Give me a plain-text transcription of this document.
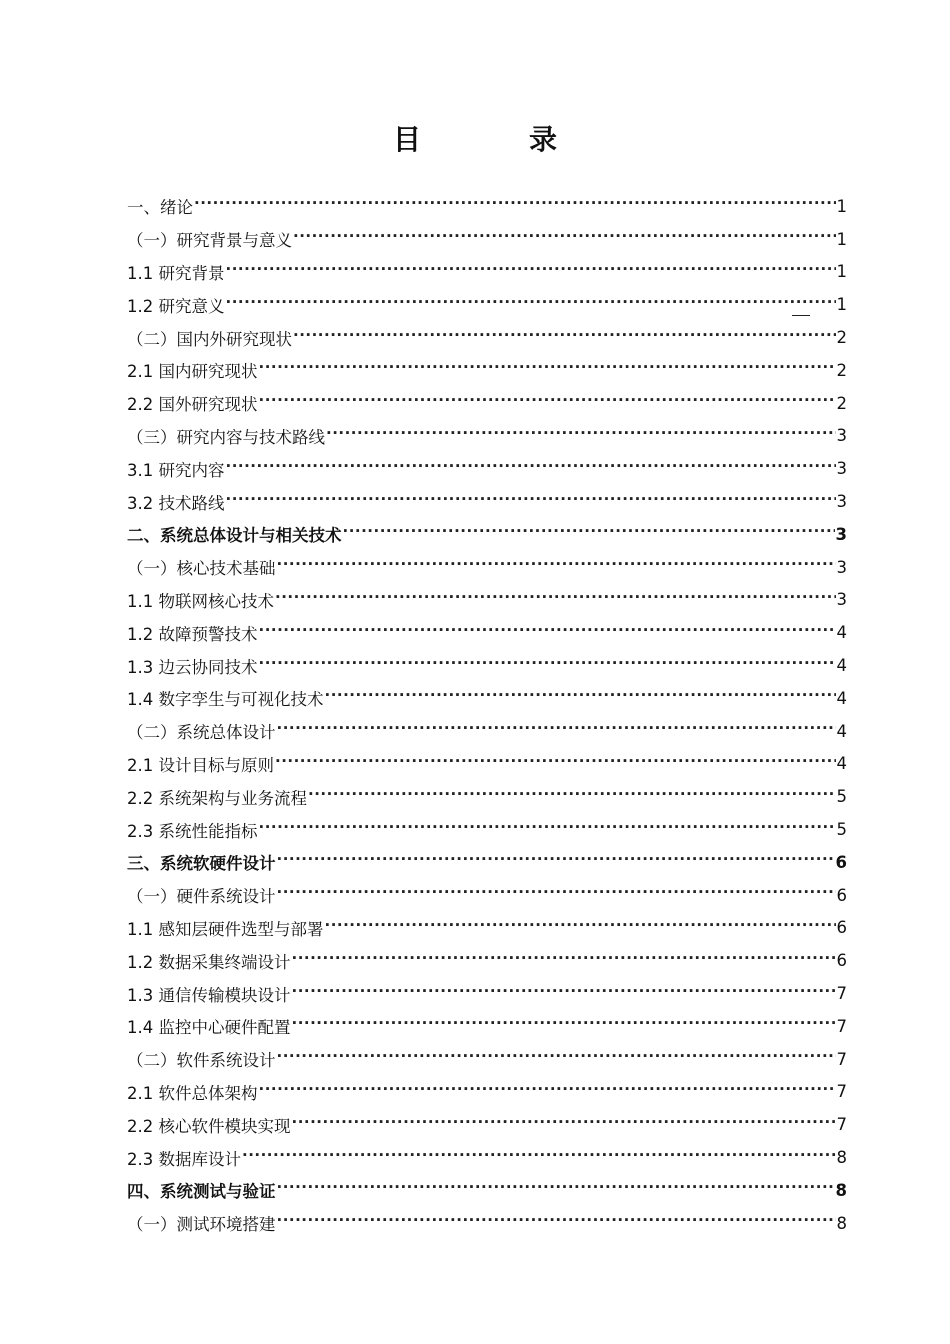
目　录
一、绪论 ·····	1
（一）研究背景与意义 ·····	1
1.1 研究背景 ·····	1
1.2 研究意义 ·····	1
（二）国内外研究现状 ·····	2
2.1 国内研究现状 ·····	2
2.2 国外研究现状 ·····	2
（三）研究内容与技术路线 ·····	3
3.1 研究内容 ·····	3
3.2 技术路线 ·····	3
二、系统总体设计与相关技术 ·····	3
（一）核心技术基础 ·····	3
1.1 物联网核心技术 ·····	3
1.2 故障预警技术 ·····	4
1.3 边云协同技术 ·····	4
1.4 数字孪生与可视化技术 ·····	4
（二）系统总体设计 ·····	4
2.1 设计目标与原则 ·····	4
2.2 系统架构与业务流程 ·····	5
2.3 系统性能指标 ·····	5
三、系统软硬件设计 ·····	6
（一）硬件系统设计 ·····	6
1.1 感知层硬件选型与部署 ·····	6
1.2 数据采集终端设计 ·····	6
1.3 通信传输模块设计 ·····	7
1.4 监控中心硬件配置 ·····	7
（二）软件系统设计 ·····	7
2.1 软件总体架构 ·····	7
2.2 核心软件模块实现 ·····	7
2.3 数据库设计 ·····	8
四、系统测试与验证 ·····	8
（一）测试环境搭建 ·····	8
